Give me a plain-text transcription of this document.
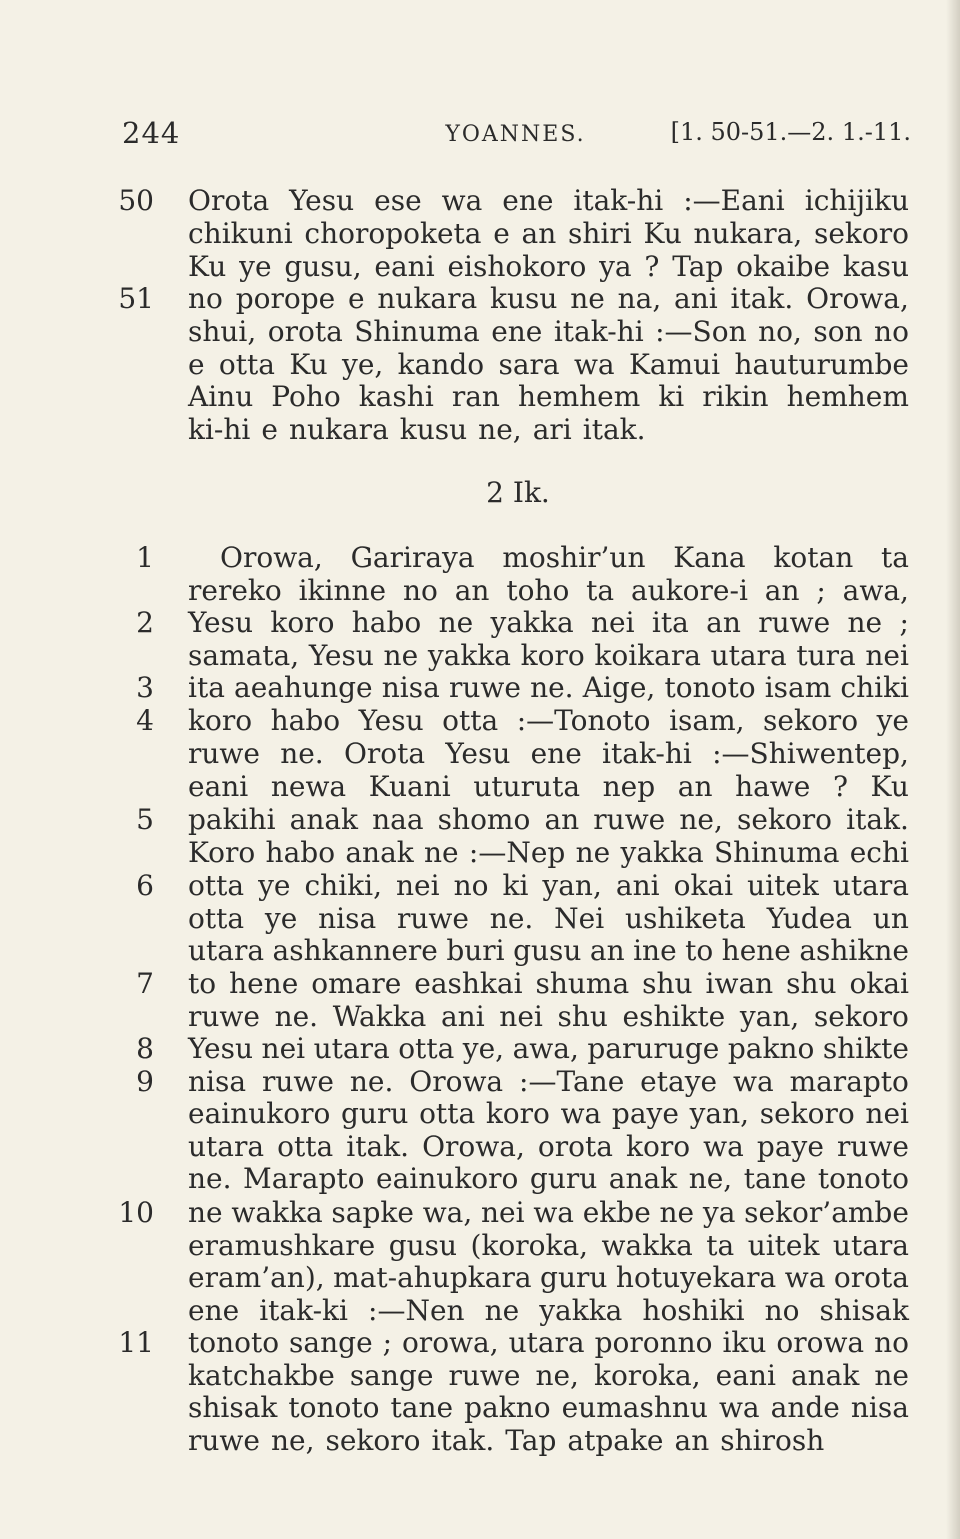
244	YOANNES.	[1. 50-51.—2. 1.-11.
2 Ik.
Orota Yesu ese wa ene itak-hi :—Eani ichijiku
chikuni choropoketa e an shiri Ku nukara, sekoro
Ku ye gusu, eani eishokoro ya ? Tap okaibe kasu
no porope e nukara kusu ne na, ani itak. Orowa,
shui, orota Shinuma ene itak-hi :—Son no, son no
e otta Ku ye, kando sara wa Kamui hauturumbe
Ainu Poho kashi ran hemhem ki rikin hemhem
ki-hi e nukara kusu ne, ari itak.
Orowa, Gariraya moshir’un Kana kotan ta
rereko ikinne no an toho ta aukore-i an ; awa,
Yesu koro habo ne yakka nei ita an ruwe ne ;
samata, Yesu ne yakka koro koikara utara tura nei
ita aeahunge nisa ruwe ne. Aige, tonoto isam chiki
koro habo Yesu otta :—Tonoto isam, sekoro ye
ruwe ne. Orota Yesu ene itak-hi :—Shiwentep,
eani newa Kuani uturuta nep an hawe ? Ku
pakihi anak naa shomo an ruwe ne, sekoro itak.
Koro habo anak ne :—Nep ne yakka Shinuma echi
otta ye chiki, nei no ki yan, ani okai uitek utara
otta ye nisa ruwe ne. Nei ushiketa Yudea un
utara ashkannere buri gusu an ine to hene ashikne
to hene omare eashkai shuma shu iwan shu okai
ruwe ne. Wakka ani nei shu eshikte yan, sekoro
Yesu nei utara otta ye, awa, paruruge pakno shikte
nisa ruwe ne. Orowa :—Tane etaye wa marapto
eainukoro guru otta koro wa paye yan, sekoro nei
utara otta itak. Orowa, orota koro wa paye ruwe
ne. Marapto eainukoro guru anak ne, tane tonoto
ne wakka sapke wa, nei wa ekbe ne ya sekor’ambe
eramushkare gusu (koroka, wakka ta uitek utara
eram’an), mat-ahupkara guru hotuyekara wa orota
ene itak-ki :—Nen ne yakka hoshiki no shisak
tonoto sange ; orowa, utara poronno iku orowa no
katchakbe sange ruwe ne, koroka, eani anak ne
shisak tonoto tane pakno eumashnu wa ande nisa
ruwe ne, sekoro itak. Tap atpake an shirosh
50
51
1
2
3
4
5
6
7
8
9
10
11
